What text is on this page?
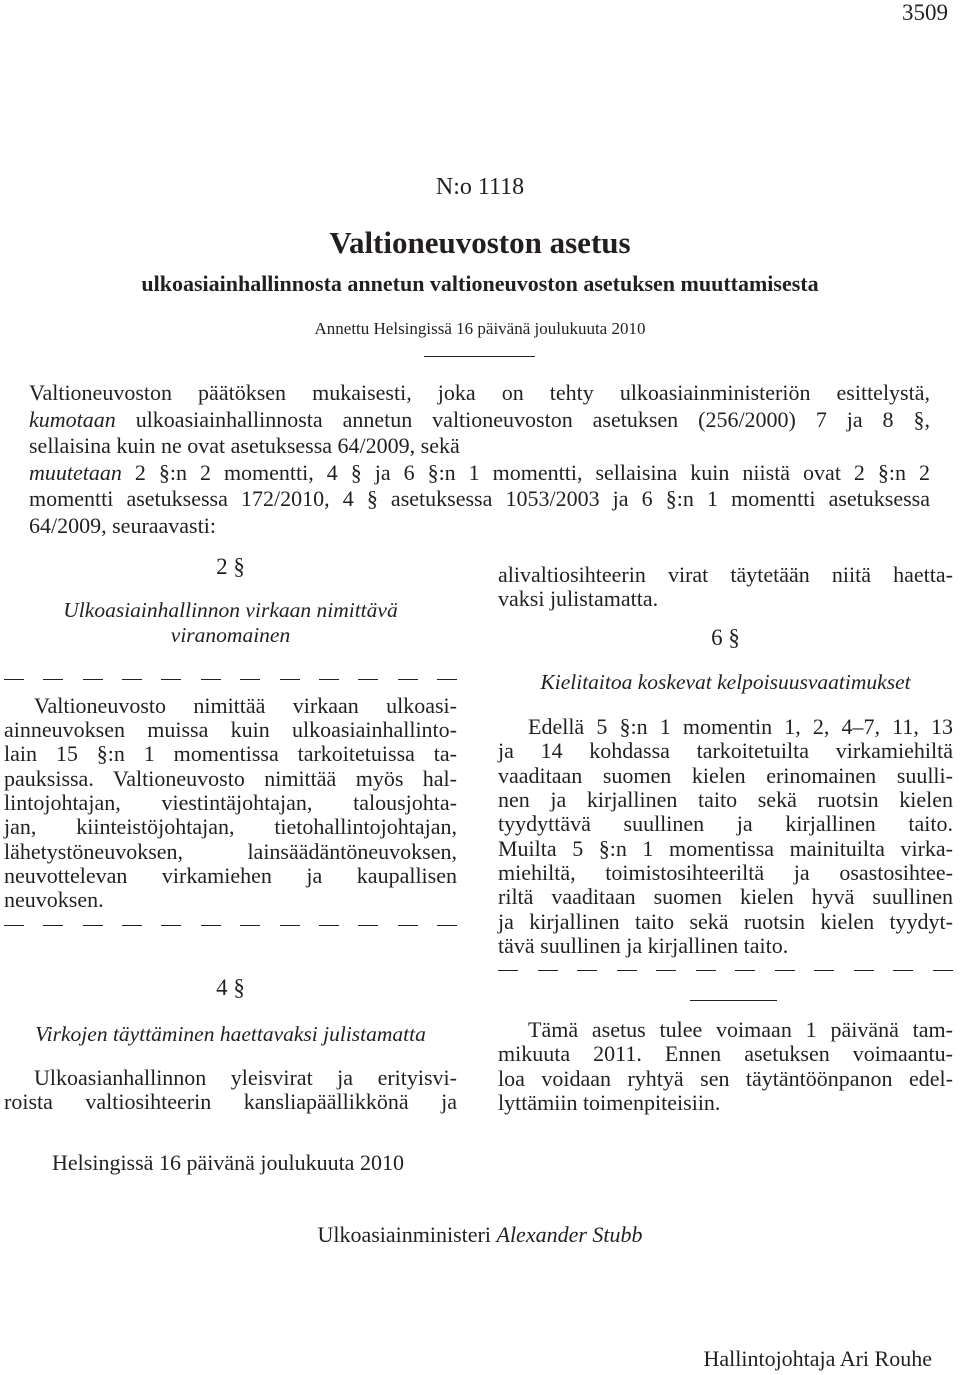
3509
N:o 1118
Valtioneuvoston asetus
ulkoasiainhallinnosta annetun valtioneuvoston asetuksen muuttamisesta
Annettu Helsingissä 16 päivänä joulukuuta 2010
Valtioneuvoston päätöksen mukaisesti, joka on tehty ulkoasiainministeriön esittelystä,
kumotaan ulkoasiainhallinnosta annetun valtioneuvoston asetuksen (256/2000) 7 ja 8 §,
sellaisina kuin ne ovat asetuksessa 64/2009, sekä
muutetaan 2 §:n 2 momentti, 4 § ja 6 §:n 1 momentti, sellaisina kuin niistä ovat 2 §:n 2
momentti asetuksessa 172/2010, 4 § asetuksessa 1053/2003 ja 6 §:n 1 momentti asetuksessa
64/2009, seuraavasti:
2 §
Ulkoasiainhallinnon virkaan nimittävä
viranomainen
Valtioneuvosto nimittää virkaan ulkoasi-
ainneuvoksen muissa kuin ulkoasiainhallinto-
lain 15 §:n 1 momentissa tarkoitetuissa ta-
pauksissa. Valtioneuvosto nimittää myös hal-
lintojohtajan, viestintäjohtajan, talousjohta-
jan, kiinteistöjohtajan, tietohallintojohtajan,
lähetystöneuvoksen, lainsäädäntöneuvoksen,
neuvottelevan virkamiehen ja kaupallisen
neuvoksen.
4 §
Virkojen täyttäminen haettavaksi julistamatta
Ulkoasianhallinnon yleisvirat ja erityisvi-
roista valtiosihteerin kansliapäällikkönä ja
alivaltiosihteerin virat täytetään niitä haetta-
vaksi julistamatta.
6 §
Kielitaitoa koskevat kelpoisuusvaatimukset
Edellä 5 §:n 1 momentin 1, 2, 4–7, 11, 13
ja 14 kohdassa tarkoitetuilta virkamiehiltä
vaaditaan suomen kielen erinomainen suulli-
nen ja kirjallinen taito sekä ruotsin kielen
tyydyttävä suullinen ja kirjallinen taito.
Muilta 5 §:n 1 momentissa mainituilta virka-
miehiltä, toimistosihteeriltä ja osastosihtee-
riltä vaaditaan suomen kielen hyvä suullinen
ja kirjallinen taito sekä ruotsin kielen tyydyt-
tävä suullinen ja kirjallinen taito.
Tämä asetus tulee voimaan 1 päivänä tam-
mikuuta 2011. Ennen asetuksen voimaantu-
loa voidaan ryhtyä sen täytäntöönpanon edel-
lyttämiin toimenpiteisiin.
Helsingissä 16 päivänä joulukuuta 2010
Ulkoasiainministeri Alexander Stubb
Hallintojohtaja Ari Rouhe
